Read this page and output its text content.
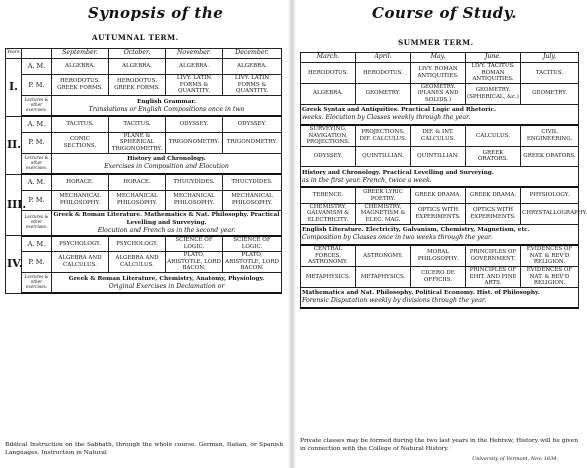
Synopsis of the
AUTUMNAL TERM.
Years.		September.	October.	November.	December.
I.	A. M.	ALGEBRA.	ALGEBRA.	ALGEBRA.	ALGEBRA.
	P. M.	HERODOTUS. GREEK FORMS.	HERODOTUS. GREEK FORMS.	LIVY. LATIN FORMS & QUANTITY.	LIVY. LATIN FORMS & QUANTITY.
	Lectures & other exercises.	English Grammar.
Translations or English Compositions once in two			

II.	A. M.	TACITUS.	TACITUS.	ODYSSEY.	ODYSSEY.
	P. M.	CONIC SECTIONS.	PLANE & SPHERICAL TRIGONOMETRY.	TRIGONOMETRY.	TRIGONOMETRY.
	Lectures & other exercises.	History and Chronology.
Exercises in Composition and Elocution			

III.	A. M.	HORACE.	HORACE.	THUCYDIDES.	THUCYDIDES.
	P. M.	MECHANICAL PHILOSOPHY.	MECHANICAL PHILOSOPHY.	MECHANICAL PHILOSOPHY.	MECHANICAL PHILOSOPHY.
	Lectures & other exercises.	Greek & Roman Literature. Mathematics & Nat. Philosophy. Practical Levelling and Surveying.
Elocution and French as in the second year.			

IV.	A. M.	PSYCHOLOGY.	PSYCHOLOGY.	SCIENCE OF LOGIC.	SCIENCE OF LOGIC.
	P. M.	ALGEBRA AND CALCULUS.	ALGEBRA AND CALCULUS.	PLATO, ARISTOTLE, LORD BACON.	PLATO, ARISTOTLE, LORD BACON.
	Lectures & other exercises.	Greek & Roman Literature, Chemistry, Anatomy, Physiology.
Original Exercises in Declamation or			
Biblical Instruction on the Sabbath, through the whole course. German, Italian, or Spanish Languages. Instruction in Natural
Course of Study.
SUMMER TERM.
March.	April.	May.	June.	July.
HERODOTUS.	HERODOTUS.	LIVY. ROMAN ANTIQUITIES.	LIVY. TACITUS. ROMAN ANTIQUITIES.	TACITUS.
ALGEBRA.	GEOMETRY.	GEOMETRY. (PLANES AND SOLIDS.)	GEOMETRY. (SPHERICAL, &c.)	GEOMETRY.

Greek Syntax and Antiquities. Practical Logic and Rhetoric.
weeks. Elocution by Classes weekly through the year.				

SURVEYING, NAVIGATION, PROJECTIONS.	PROJECTIONS. DIF. CALCULUS.	DIF. & INT. CALCULUS.	CALCULUS.	CIVIL ENGINEERING.
ODYSSEY.	QUINTILLIAN.	QUINTILLIAN.	GREEK ORATORS.	GREEK ORATORS.

History and Chronology. Practical Levelling and Surveying.
as in the first year. French, twice a week.				

TERENCE.	GREEK LYRIC POETRY.	GREEK DRAMA.	GREEK DRAMA.	PHYSIOLOGY.
CHEMISTRY, GALVANISM & ELECTRICITY.	CHEMISTRY, MAGNETISM & ELEC. MAG.	OPTICS WITH EXPERIMENTS.	OPTICS WITH EXPERIMENTS.	CHRYSTALLOGRAPHY.

English Literature. Electricity, Galvanism, Chemistry, Magnetism, etc.
Composition by Classes once in two weeks through the year.				

CENTRAL FORCES. ASTRONOMY.	ASTRONOMY.	MORAL PHILOSOPHY.	PRINCIPLES OF GOVERNMENT.	EVIDENCES OF NAT. & REV'D RELIGION.
METAPHYSICS.	METAPHYSICS.	CICERO DE OFFICIIS.	PRINCIPLES OF EHIT. AND FINE ARTS.	EVIDENCES OF NAT. & REV'D RELIGION.

Mathematics and Nat. Philosophy. Political Economy. Hist. of Philosophy.
Forensic Disputation weekly by divisions through the year.				
Private classes may be formed during the two last years in the Hebrew, History will be given in connection with the College of Natural History.
University of Vermont, Nov. 1834.
